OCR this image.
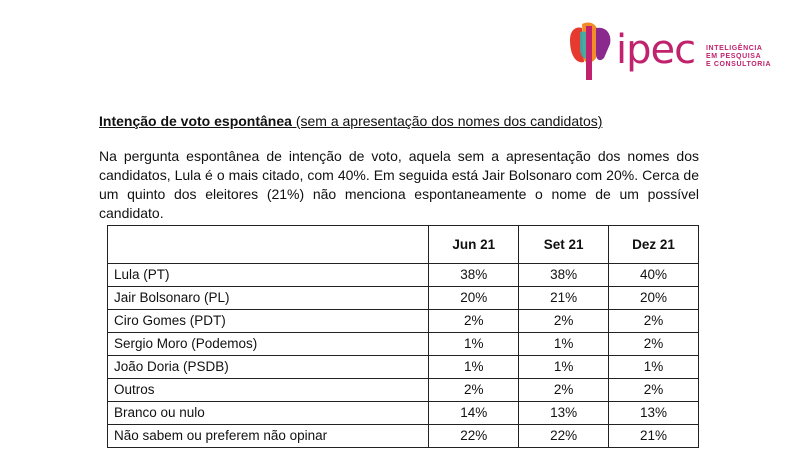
ipec INTELIGÊNCIA
EM PESQUISA
E CONSULTORIA
Intenção de voto espontânea (sem a apresentação dos nomes dos candidatos)
Na pergunta espontânea de intenção de voto, aquela sem a apresentação dos nomes dos candidatos, Lula é o mais citado, com 40%. Em seguida está Jair Bolsonaro com 20%. Cerca de um quinto dos eleitores (21%) não menciona espontaneamente o nome de um possível candidato.
	Jun 21	Set 21	Dez 21
Lula (PT)	38%	38%	40%
Jair Bolsonaro (PL)	20%	21%	20%
Ciro Gomes (PDT)	2%	2%	2%
Sergio Moro (Podemos)	1%	1%	2%
João Doria (PSDB)	1%	1%	1%
Outros	2%	2%	2%
Branco ou nulo	14%	13%	13%
Não sabem ou preferem não opinar	22%	22%	21%
